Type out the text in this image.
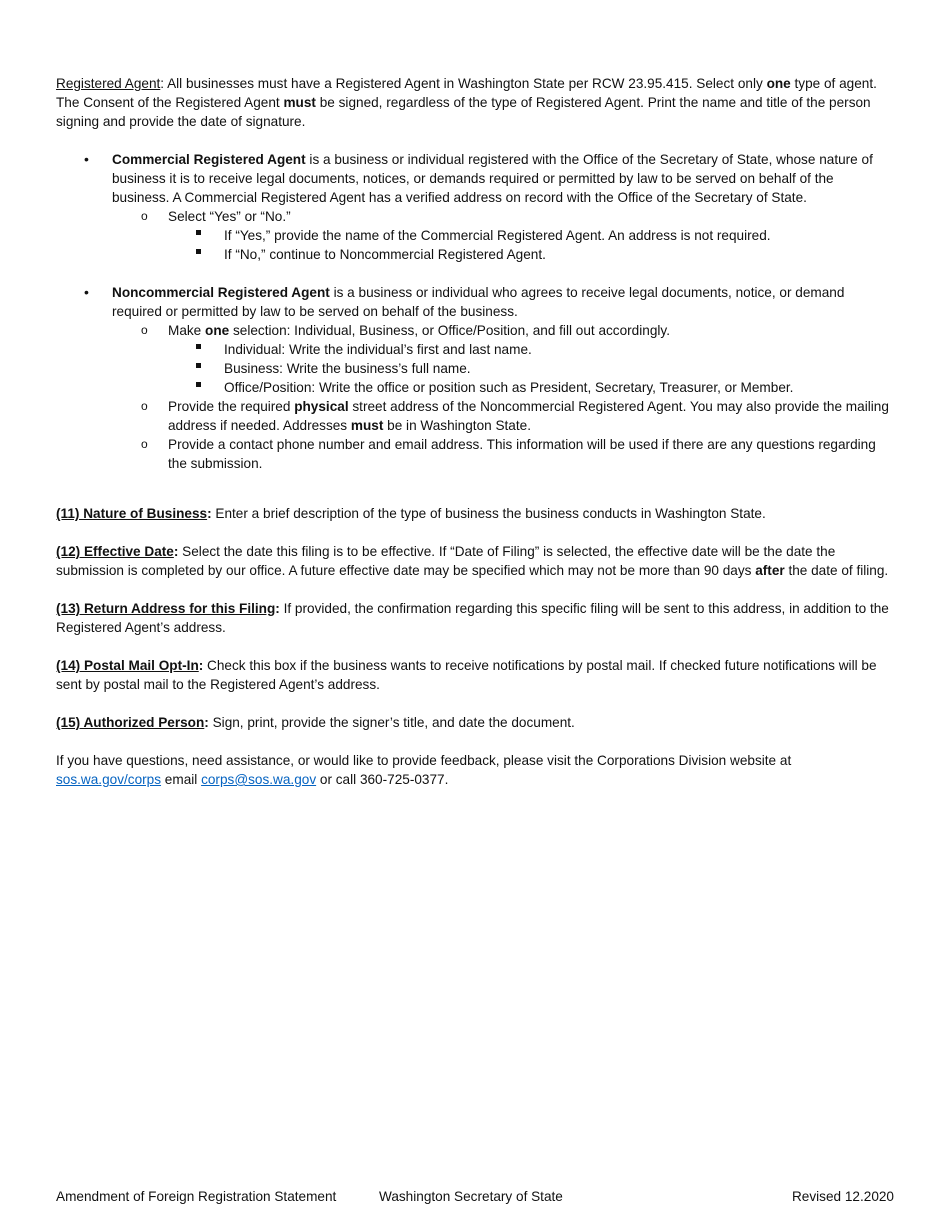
Registered Agent: All businesses must have a Registered Agent in Washington State per RCW 23.95.415. Select only one type of agent. The Consent of the Registered Agent must be signed, regardless of the type of Registered Agent. Print the name and title of the person signing and provide the date of signature.

• Commercial Registered Agent is a business or individual registered with the Office of the Secretary of State, whose nature of business it is to receive legal documents, notices, or demands required or permitted by law to be served on behalf of the business. A Commercial Registered Agent has a verified address on record with the Office of the Secretary of State.
o Select “Yes” or “No.”
If “Yes,” provide the name of the Commercial Registered Agent. An address is not required.
If “No,” continue to Noncommercial Registered Agent.
• Noncommercial Registered Agent is a business or individual who agrees to receive legal documents, notice, or demand required or permitted by law to be served on behalf of the business.
o Make one selection: Individual, Business, or Office/Position, and fill out accordingly.
Individual: Write the individual’s first and last name.
Business: Write the business’s full name.
Office/Position: Write the office or position such as President, Secretary, Treasurer, or Member.
o Provide the required physical street address of the Noncommercial Registered Agent. You may also provide the mailing address if needed. Addresses must be in Washington State.
o Provide a contact phone number and email address. This information will be used if there are any questions regarding the submission.

(11) Nature of Business: Enter a brief description of the type of business the business conducts in Washington State.

(12) Effective Date: Select the date this filing is to be effective. If “Date of Filing” is selected, the effective date will be the date the submission is completed by our office. A future effective date may be specified which may not be more than 90 days after the date of filing.

(13) Return Address for this Filing: If provided, the confirmation regarding this specific filing will be sent to this address, in addition to the Registered Agent’s address.

(14) Postal Mail Opt-In: Check this box if the business wants to receive notifications by postal mail. If checked future notifications will be sent by postal mail to the Registered Agent’s address.

(15) Authorized Person: Sign, print, provide the signer’s title, and date the document.

If you have questions, need assistance, or would like to provide feedback, please visit the Corporations Division website at sos.wa.gov/corps email corps@sos.wa.gov or call 360-725-0377.

Amendment of Foreign Registration Statement	Washington Secretary of State	Revised 12.2020
